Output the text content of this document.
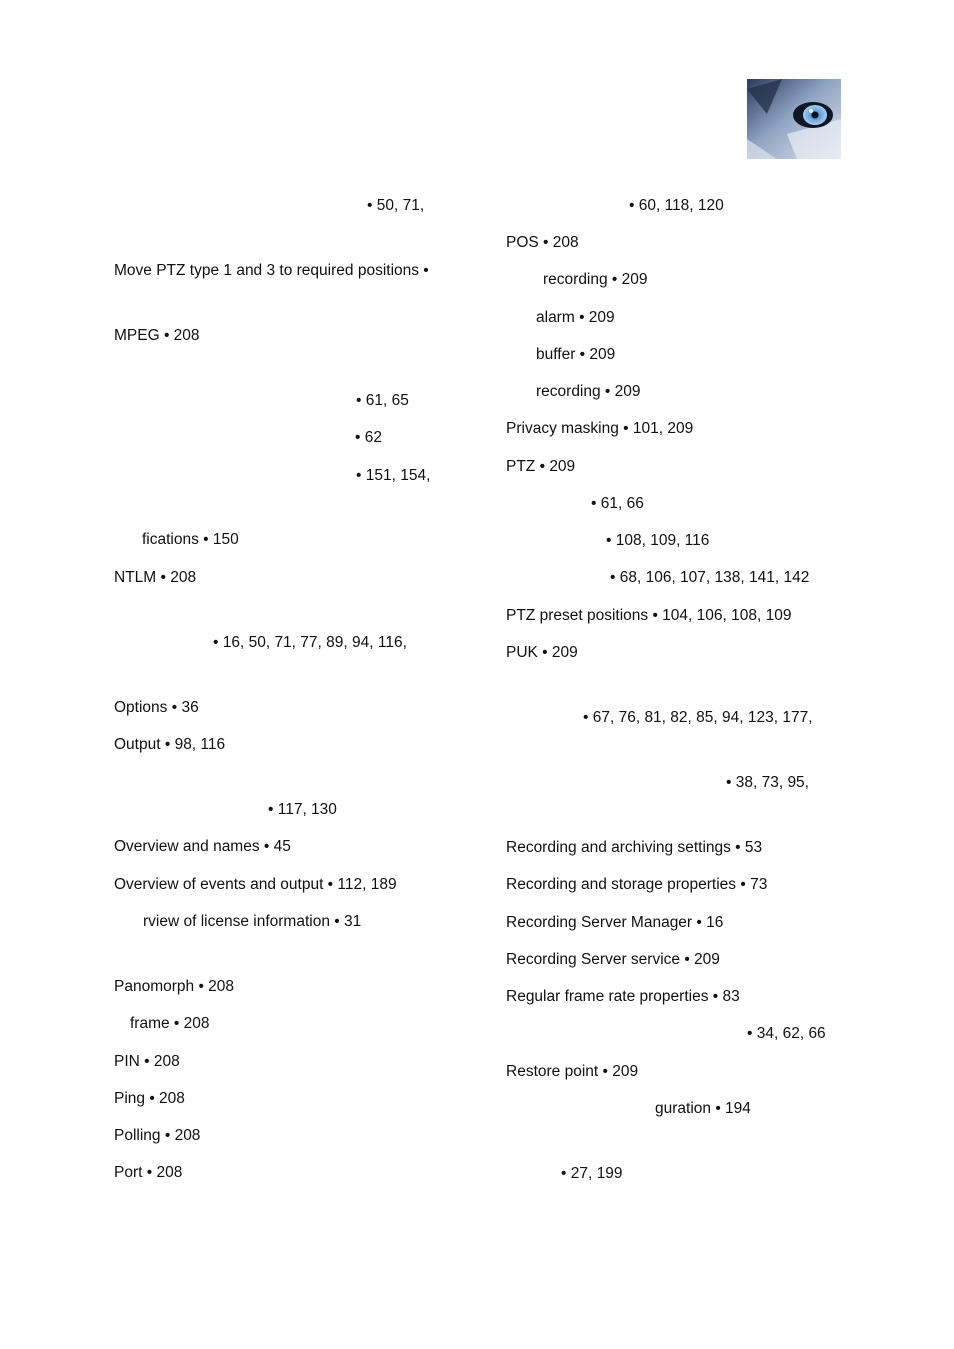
• 50, 71,
Move PTZ type 1 and 3 to required positions •
MPEG • 208
• 61, 65
• 62
• 151, 154,
fications • 150
NTLM • 208
• 16, 50, 71, 77, 89, 94, 116,
Options • 36
Output • 98, 116
• 117, 130
Overview and names • 45
Overview of events and output • 112, 189
rview of license information • 31
Panomorph • 208
frame • 208
PIN • 208
Ping • 208
Polling • 208
Port • 208
• 60, 118, 120
POS • 208
recording • 209
alarm • 209
buffer • 209
recording • 209
Privacy masking • 101, 209
PTZ • 209
• 61, 66
• 108, 109, 116
• 68, 106, 107, 138, 141, 142
PTZ preset positions • 104, 106, 108, 109
PUK • 209
• 67, 76, 81, 82, 85, 94, 123, 177,
• 38, 73, 95,
Recording and archiving settings • 53
Recording and storage properties • 73
Recording Server Manager • 16
Recording Server service • 209
Regular frame rate properties • 83
• 34, 62, 66
Restore point • 209
guration • 194
• 27, 199
